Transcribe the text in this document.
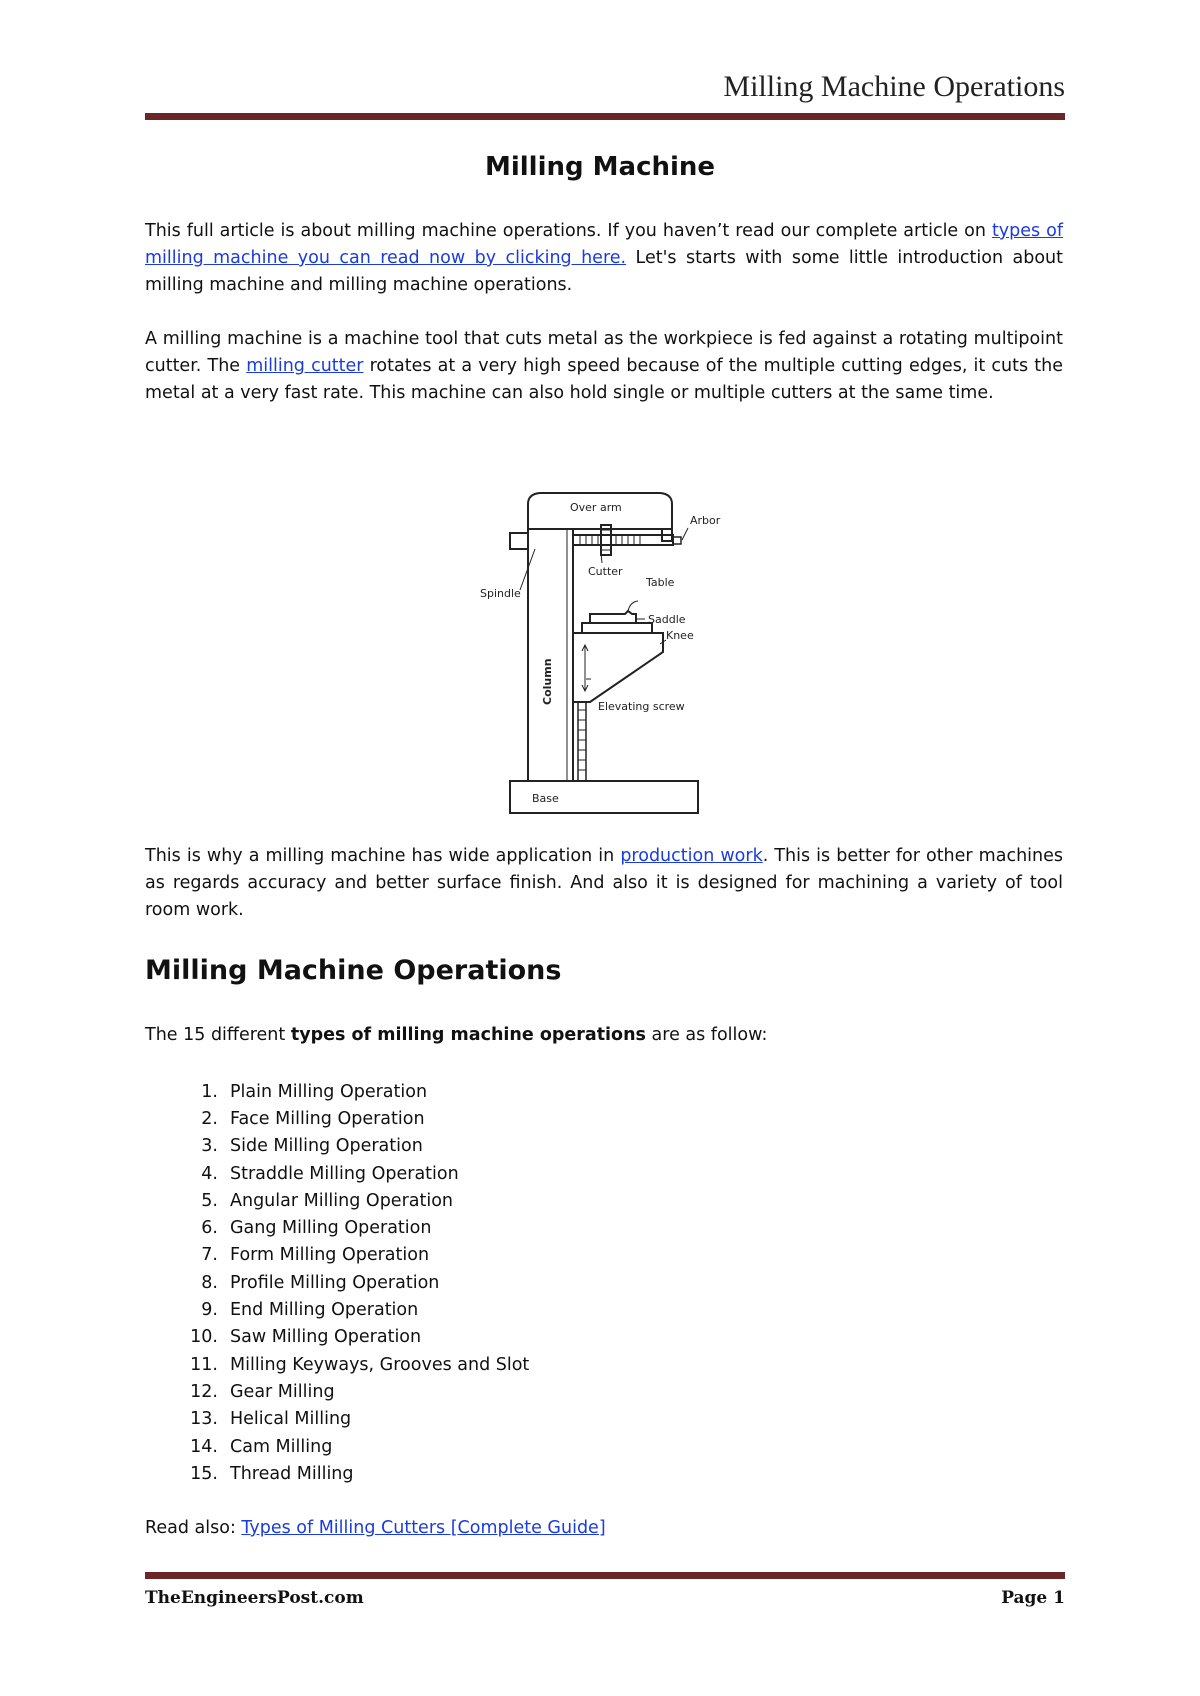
Milling Machine Operations
Milling Machine

This full article is about milling machine operations. If you haven’t read our complete article on types of milling machine you can read now by clicking here. Let's starts with some little introduction about milling machine and milling machine operations.

A milling machine is a machine tool that cuts metal as the workpiece is fed against a rotating multipoint cutter. The milling cutter rotates at a very high speed because of the multiple cutting edges, it cuts the metal at a very fast rate. This machine can also hold single or multiple cutters at the same time.

Over arm
Arbor
Cutter
Spindle
Table
Saddle
Knee
Column
Elevating screw
Base

This is why a milling machine has wide application in production work. This is better for other machines as regards accuracy and better surface finish. And also it is designed for machining a variety of tool room work.

Milling Machine Operations

The 15 different types of milling machine operations are as follow:

1. Plain Milling Operation
2. Face Milling Operation
3. Side Milling Operation
4. Straddle Milling Operation
5. Angular Milling Operation
6. Gang Milling Operation
7. Form Milling Operation
8. Profile Milling Operation
9. End Milling Operation
10. Saw Milling Operation
11. Milling Keyways, Grooves and Slot
12. Gear Milling
13. Helical Milling
14. Cam Milling
15. Thread Milling

Read also: Types of Milling Cutters [Complete Guide]

TheEngineersPost.com	Page 1
